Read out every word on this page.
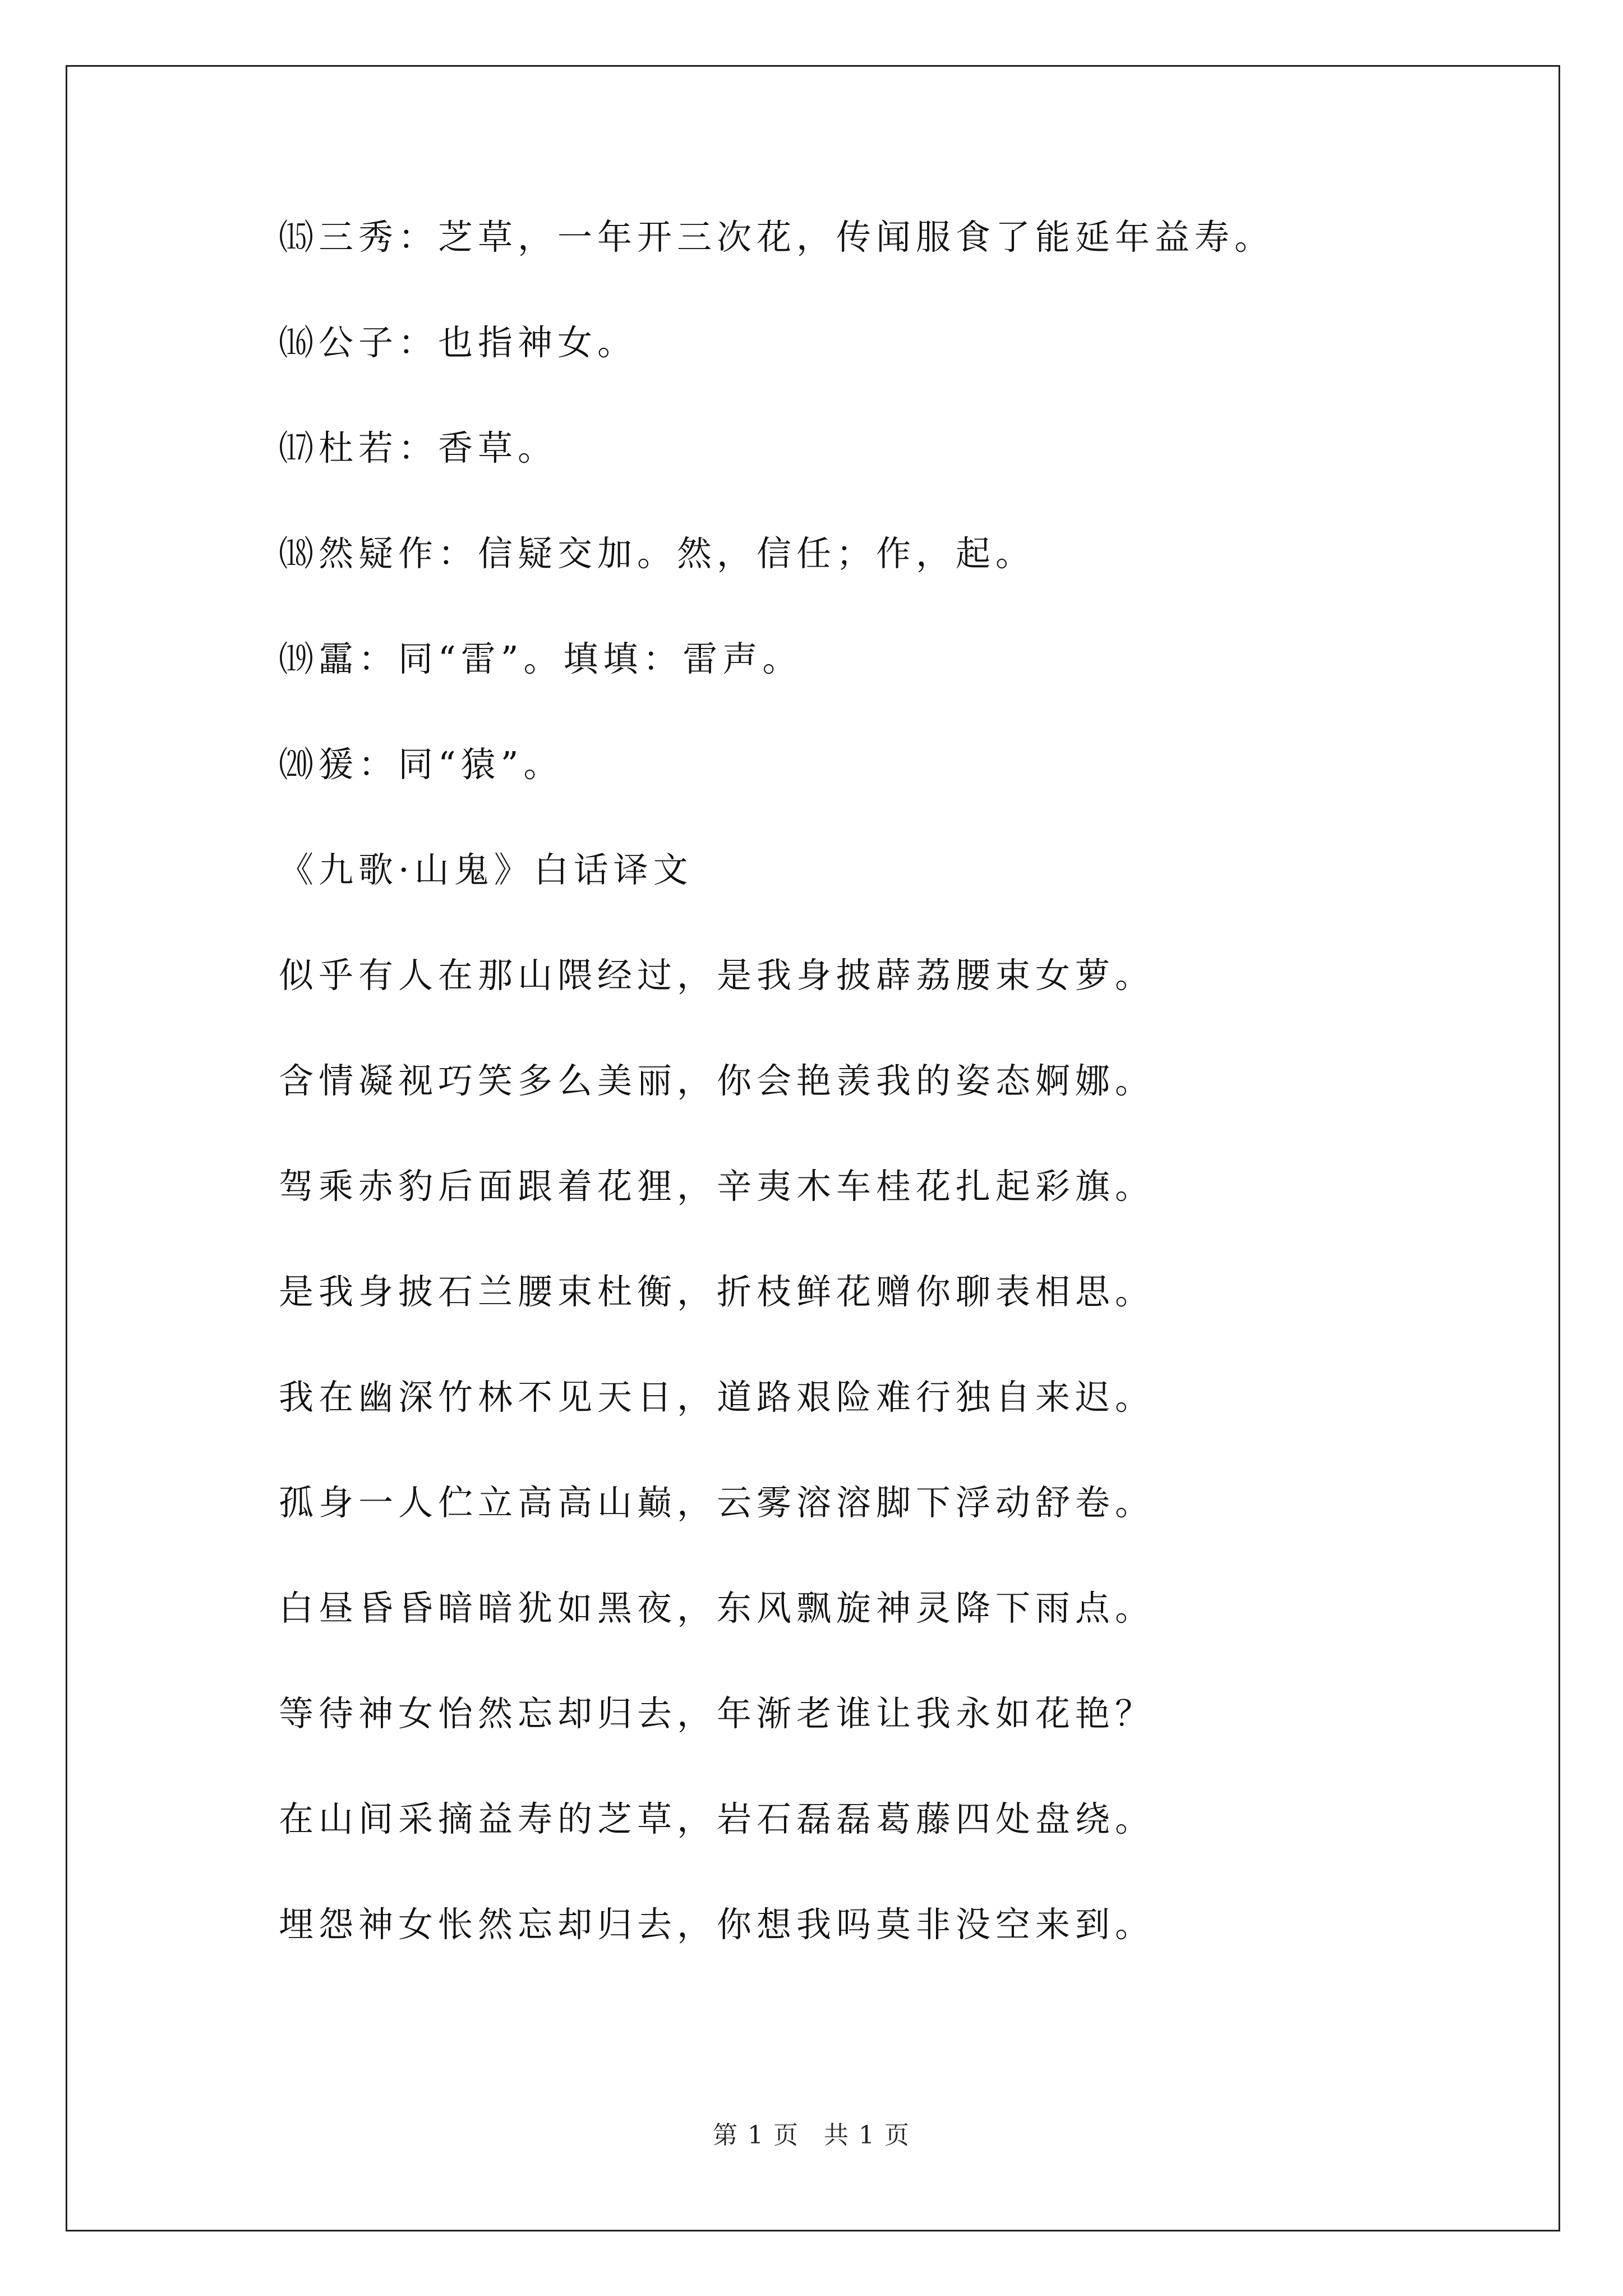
⒂三秀：芝草，一年开三次花，传闻服食了能延年益寿。

⒃公子：也指神女。

⒄杜若：香草。

⒅然疑作：信疑交加。然，信任；作，起。

⒆靁：同“雷”。填填：雷声。

⒇猨：同“猿”。

《九歌·山鬼》白话译文

似乎有人在那山隈经过，是我身披薜荔腰束女萝。

含情凝视巧笑多么美丽，你会艳羡我的姿态婀娜。

驾乘赤豹后面跟着花狸，辛夷木车桂花扎起彩旗。

是我身披石兰腰束杜衡，折枝鲜花赠你聊表相思。

我在幽深竹林不见天日，道路艰险难行独自来迟。

孤身一人伫立高高山巅，云雾溶溶脚下浮动舒卷。

白昼昏昏暗暗犹如黑夜，东风飘旋神灵降下雨点。

等待神女怡然忘却归去，年渐老谁让我永如花艳？

在山间采摘益寿的芝草，岩石磊磊葛藤四处盘绕。

埋怨神女怅然忘却归去，你想我吗莫非没空来到。

第 1 页 共 1 页
